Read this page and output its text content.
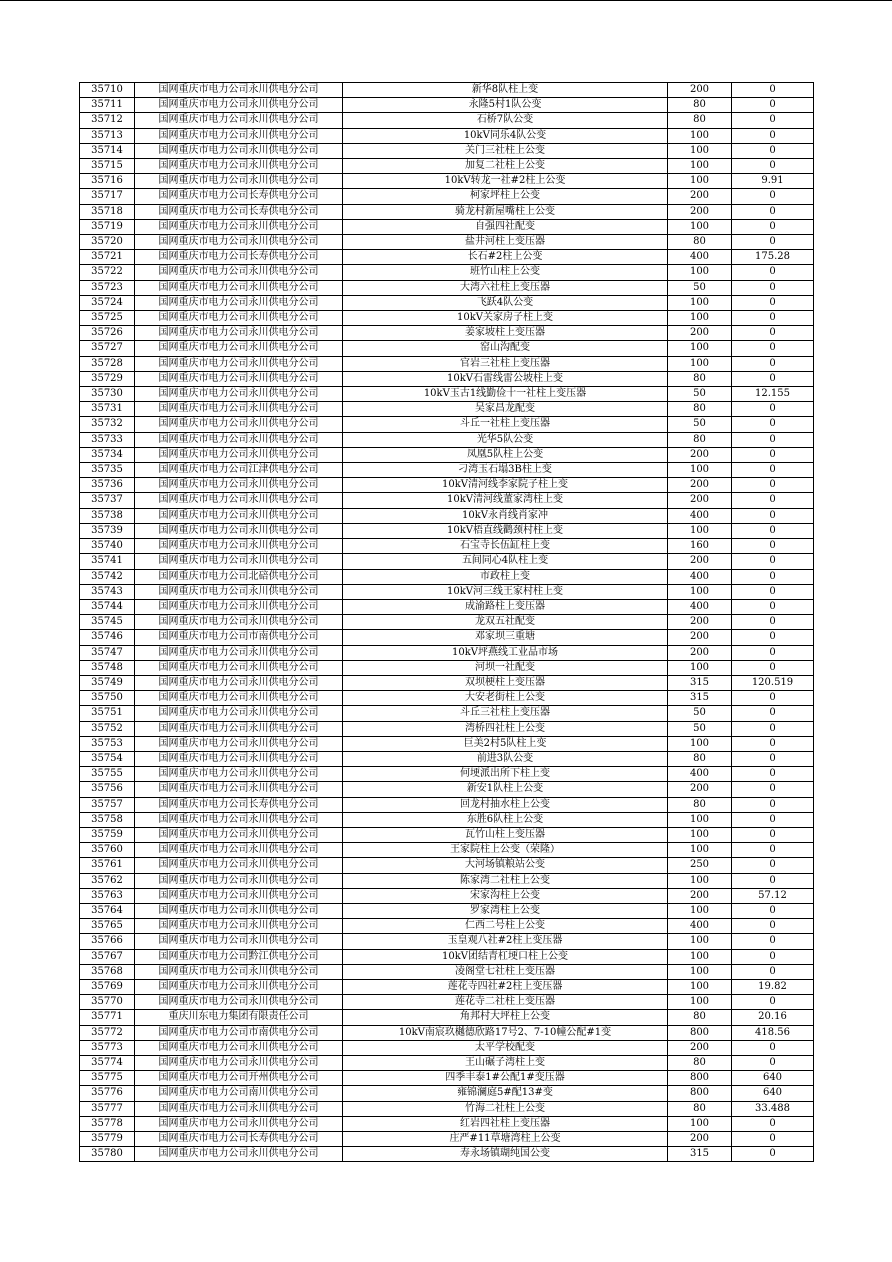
35710	国网重庆市电力公司永川供电分公司	新华8队柱上变	200	0
35711	国网重庆市电力公司永川供电分公司	永隆5村1队公变	80	0
35712	国网重庆市电力公司永川供电分公司	石桥7队公变	80	0
35713	国网重庆市电力公司永川供电分公司	10kV同乐4队公变	100	0
35714	国网重庆市电力公司永川供电分公司	关门三社柱上公变	100	0
35715	国网重庆市电力公司永川供电分公司	加复二社柱上公变	100	0
35716	国网重庆市电力公司永川供电分公司	10kV转龙一社#2柱上公变	100	9.91
35717	国网重庆市电力公司长寿供电分公司	柯家坪柱上公变	200	0
35718	国网重庆市电力公司长寿供电分公司	骑龙村新屋嘴柱上公变	200	0
35719	国网重庆市电力公司永川供电分公司	自强四社配变	100	0
35720	国网重庆市电力公司永川供电分公司	盐井河柱上变压器	80	0
35721	国网重庆市电力公司长寿供电分公司	长石#2柱上公变	400	175.28
35722	国网重庆市电力公司永川供电分公司	班竹山柱上公变	100	0
35723	国网重庆市电力公司永川供电分公司	大湾六社柱上变压器	50	0
35724	国网重庆市电力公司永川供电分公司	飞跃4队公变	100	0
35725	国网重庆市电力公司永川供电分公司	10kV关家房子柱上变	100	0
35726	国网重庆市电力公司永川供电分公司	姜家坡柱上变压器	200	0
35727	国网重庆市电力公司永川供电分公司	窑山沟配变	100	0
35728	国网重庆市电力公司永川供电分公司	官岩三社柱上变压器	100	0
35729	国网重庆市电力公司永川供电分公司	10kV石雷线雷公坡柱上变	80	0
35730	国网重庆市电力公司永川供电分公司	10kV玉古1线勤俭十一社柱上变压器	50	12.155
35731	国网重庆市电力公司永川供电分公司	吴家昌龙配变	80	0
35732	国网重庆市电力公司永川供电分公司	斗丘一社柱上变压器	50	0
35733	国网重庆市电力公司永川供电分公司	光华5队公变	80	0
35734	国网重庆市电力公司永川供电分公司	凤凰5队柱上公变	200	0
35735	国网重庆市电力公司江津供电分公司	刁湾玉石塌3B柱上变	100	0
35736	国网重庆市电力公司永川供电分公司	10kV清河线李家院子柱上变	200	0
35737	国网重庆市电力公司永川供电分公司	10kV清河线董家湾柱上变	200	0
35738	国网重庆市电力公司永川供电分公司	10kV永肖线肖家冲	400	0
35739	国网重庆市电力公司永川供电分公司	10kV梧直线鹳颈村柱上变	100	0
35740	国网重庆市电力公司永川供电分公司	石宝寺长伍缸柱上变	160	0
35741	国网重庆市电力公司永川供电分公司	五间同心4队柱上变	200	0
35742	国网重庆市电力公司北碚供电分公司	市政柱上变	400	0
35743	国网重庆市电力公司永川供电分公司	10kV河三线王家村柱上变	100	0
35744	国网重庆市电力公司永川供电分公司	成渝路柱上变压器	400	0
35745	国网重庆市电力公司永川供电分公司	龙双五社配变	200	0
35746	国网重庆市电力公司市南供电分公司	邓家坝三重塘	200	0
35747	国网重庆市电力公司永川供电分公司	10kV坪燕线工业品市场	200	0
35748	国网重庆市电力公司永川供电分公司	河坝一社配变	100	0
35749	国网重庆市电力公司永川供电分公司	双坝梗柱上变压器	315	120.519
35750	国网重庆市电力公司永川供电分公司	大安老街柱上公变	315	0
35751	国网重庆市电力公司永川供电分公司	斗丘三社柱上变压器	50	0
35752	国网重庆市电力公司永川供电分公司	湾桥四社柱上公变	50	0
35753	国网重庆市电力公司永川供电分公司	巨美2村5队柱上变	100	0
35754	国网重庆市电力公司永川供电分公司	前进3队公变	80	0
35755	国网重庆市电力公司永川供电分公司	何埂派出所下柱上变	400	0
35756	国网重庆市电力公司永川供电分公司	新安1队柱上公变	200	0
35757	国网重庆市电力公司长寿供电分公司	回龙村抽水柱上公变	80	0
35758	国网重庆市电力公司永川供电分公司	东胜6队柱上公变	100	0
35759	国网重庆市电力公司永川供电分公司	瓦竹山柱上变压器	100	0
35760	国网重庆市电力公司永川供电分公司	王家院柱上公变（荣隆）	100	0
35761	国网重庆市电力公司永川供电分公司	大河场镇粮站公变	250	0
35762	国网重庆市电力公司永川供电分公司	陈家湾二社柱上公变	100	0
35763	国网重庆市电力公司永川供电分公司	宋家沟柱上公变	200	57.12
35764	国网重庆市电力公司永川供电分公司	罗家湾柱上公变	100	0
35765	国网重庆市电力公司永川供电分公司	仁西二号柱上公变	400	0
35766	国网重庆市电力公司永川供电分公司	玉皇观八社#2柱上变压器	100	0
35767	国网重庆市电力公司黔江供电分公司	10kV团结青杠埂口柱上公变	100	0
35768	国网重庆市电力公司永川供电分公司	凌阁堂七社柱上变压器	100	0
35769	国网重庆市电力公司永川供电分公司	莲花寺四社#2柱上变压器	100	19.82
35770	国网重庆市电力公司永川供电分公司	莲花寺二社柱上变压器	100	0
35771	重庆川东电力集团有限责任公司	角邦村大坪柱上公变	80	20.16
35772	国网重庆市电力公司市南供电分公司	10kV南宸玖樾德欣路17号2、7-10幢公配#1变	800	418.56
35773	国网重庆市电力公司永川供电分公司	太平学校配变	200	0
35774	国网重庆市电力公司永川供电分公司	王山碾子湾柱上变	80	0
35775	国网重庆市电力公司开州供电分公司	四季丰泰1#公配1#变压器	800	640
35776	国网重庆市电力公司南川供电分公司	雍锦澜庭5#配13#变	800	640
35777	国网重庆市电力公司永川供电分公司	竹海二社柱上公变	80	33.488
35778	国网重庆市电力公司永川供电分公司	红岩四社柱上变压器	100	0
35779	国网重庆市电力公司长寿供电分公司	庄严#11草塘湾柱上公变	200	0
35780	国网重庆市电力公司永川供电分公司	寿永场镇瑚纯国公变	315	0
